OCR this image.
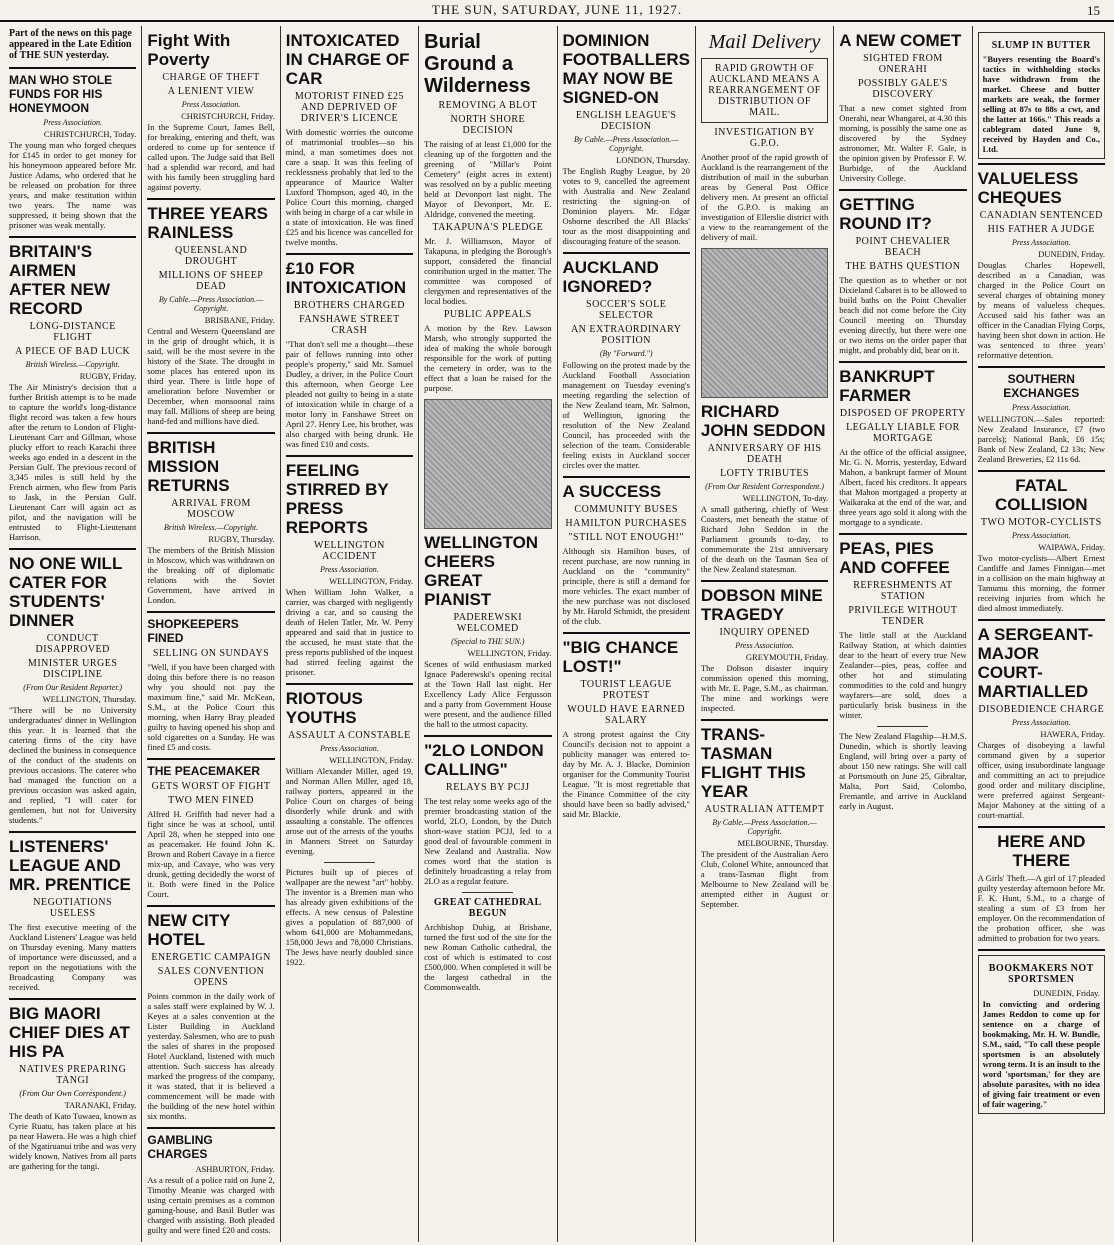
THE SUN, SATURDAY, JUNE 11, 1927.	15
Part of the news on this page appeared in the Late Edition of THE SUN yesterday.
MAN WHO STOLE FUNDS FOR HIS HONEYMOON
Press Association.
CHRISTCHURCH, Today.
The young man who forged cheques for £145 in order to get money for his honeymoon appeared before Mr. Justice Adams, who ordered that he be released on probation for three years, and make restitution within two years. The name was suppressed, it being shown that the prisoner was weak mentally.
BRITAIN'S AIRMEN AFTER NEW RECORD
LONG-DISTANCE FLIGHT
A PIECE OF BAD LUCK
British Wireless.—Copyright.
RUGBY, Friday.
The Air Ministry's decision that a further British attempt is to be made to capture the world's long-distance flight record was taken a few hours after the return to London of Flight-Lieutenant Carr and Gillman, whose plucky effort to reach Karachi three weeks ago ended in a descent in the Persian Gulf. The previous record of 3,345 miles is still held by the French airmen, who flew from Paris to Jask, in the Persian Gulf. Lieutenant Carr will again act as pilot, and the navigation will be entrusted to Flight-Lieutenant Harrison.
NO ONE WILL CATER FOR STUDENTS' DINNER
CONDUCT DISAPPROVED
MINISTER URGES DISCIPLINE
(From Our Resident Reporter.)
WELLINGTON, Thursday.
"There will be no University undergraduates' dinner in Wellington this year. It is learned that the catering firms of the city have declined the business in consequence of the conduct of the students on previous occasions. The caterer who had managed the function on a previous occasion was asked again, and replied, "I will cater for gentlemen, but not for University students."
LISTENERS' LEAGUE AND MR. PRENTICE
NEGOTIATIONS USELESS
The first executive meeting of the Auckland Listeners' League was held on Thursday evening. Many matters of importance were discussed, and a report on the negotiations with the Broadcasting Company was received.
BIG MAORI CHIEF DIES AT HIS PA
NATIVES PREPARING TANGI
(From Our Own Correspondent.)
TARANAKI, Friday.
The death of Kato Tuwaea, known as Cyrie Ruatu, has taken place at his pa near Hawera. He was a high chief of the Ngatiruanui tribe and was very widely known. Natives from all parts are gathering for the tangi.
Fight With Poverty
CHARGE OF THEFT
A LENIENT VIEW
Press Association.
CHRISTCHURCH, Friday.
In the Supreme Court, James Bell, for breaking, entering and theft, was ordered to come up for sentence if called upon. The Judge said that Bell had a splendid war record, and had with his family been struggling hard against poverty.
THREE YEARS RAINLESS
QUEENSLAND DROUGHT
MILLIONS OF SHEEP DEAD
By Cable.—Press Association.—Copyright.
BRISBANE, Friday.
Central and Western Queensland are in the grip of drought which, it is said, will be the most severe in the history of the State. The drought in some places has entered upon its third year. There is little hope of amelioration before November or December, when monsoonal rains may fall. Millions of sheep are being hand-fed and millions have died.
BRITISH MISSION RETURNS
ARRIVAL FROM MOSCOW
British Wireless.—Copyright.
RUGBY, Thursday.
The members of the British Mission in Moscow, which was withdrawn on the breaking off of diplomatic relations with the Soviet Government, have arrived in London.
SHOPKEEPERS FINED
SELLING ON SUNDAYS
"Well, if you have been charged with doing this before there is no reason why you should not pay the maximum fine," said Mr. McKean, S.M., at the Police Court this morning, when Harry Bray pleaded guilty to having opened his shop and sold cigarettes on a Sunday. He was fined £5 and costs.
THE PEACEMAKER
GETS WORST OF FIGHT
TWO MEN FINED
Alfred H. Griffith had never had a fight since he was at school, until April 28, when he stepped into one as peacemaker. He found John K. Brown and Robert Cavaye in a fierce mix-up, and Cavaye, who was very drunk, getting decidedly the worst of it. Both were fined in the Police Court.
NEW CITY HOTEL
ENERGETIC CAMPAIGN
SALES CONVENTION OPENS
Points common in the daily work of a sales staff were explained by W. J. Keyes at a sales convention at the Lister Building in Auckland yesterday. Salesmen, who are to push the sales of shares in the proposed Hotel Auckland, listened with much attention. Such success has already marked the progress of the company, it was stated, that it is believed a commencement will be made with the building of the new hotel within six months.
GAMBLING CHARGES
ASHBURTON, Friday.
As a result of a police raid on June 2, Timothy Meanie was charged with using certain premises as a common gaming-house, and Basil Butler was charged with assisting. Both pleaded guilty and were fined £20 and costs.
INTOXICATED IN CHARGE OF CAR
MOTORIST FINED £25 AND DEPRIVED OF DRIVER'S LICENCE
With domestic worries the outcome of matrimonial troubles—so his mind, a man sometimes does not care a snap. It was this feeling of recklessness probably that led to the appearance of Maurice Walter Luxford Thompson, aged 40, in the Police Court this morning, charged with being in charge of a car while in a state of intoxication. He was fined £25 and his licence was cancelled for twelve months.
£10 FOR INTOXICATION
BROTHERS CHARGED
FANSHAWE STREET CRASH
"That don't sell me a thought—these pair of fellows running into other people's property," said Mr. Samuel Dudley, a driver, in the Police Court this afternoon, when George Lee pleaded not guilty to being in a state of intoxication while in charge of a motor lorry in Fanshawe Street on April 27. Henry Lee, his brother, was also charged with being drunk. He was fined £10 and costs.
FEELING STIRRED BY PRESS REPORTS
WELLINGTON ACCIDENT
Press Association.
WELLINGTON, Friday.
When William John Walker, a carrier, was charged with negligently driving a car, and so causing the death of Helen Tatler, Mr. W. Perry appeared and said that in justice to the accused, he must state that the press reports published of the inquest had stirred feeling against the prisoner.
RIOTOUS YOUTHS
ASSAULT A CONSTABLE
Press Association.
WELLINGTON, Friday.
William Alexander Miller, aged 19, and Norman Allen Miller, aged 18, railway porters, appeared in the Police Court on charges of being disorderly while drunk and with assaulting a constable. The offences arose out of the arrests of the youths in Manners Street on Saturday evening.
Pictures built up of pieces of wallpaper are the newest "art" hobby. The inventor is a Bremen man who has already given exhibitions of the effects. A new census of Palestine gives a population of 887,000 of whom 641,000 are Mohammedans, 158,000 Jews and 78,000 Christians. The Jews have nearly doubled since 1922.
Burial Ground a Wilderness
REMOVING A BLOT
NORTH SHORE DECISION
The raising of at least £1,000 for the cleaning up of the forgotten and the greening of "Millar's Point Cemetery" (eight acres in extent) was resolved on by a public meeting held at Devonport last night. The Mayor of Devonport, Mr. E. Aldridge, convened the meeting.
TAKAPUNA'S PLEDGE
Mr. J. Williamson, Mayor of Takapuna, in pledging the Borough's support, considered the financial contribution urged in the matter. The committee was composed of clergymen and representatives of the local bodies.
PUBLIC APPEALS
A motion by the Rev. Lawson Marsh, who strongly supported the idea of making the whole borough responsible for the work of putting the cemetery in order, was to the effect that a loan be raised for the purpose.
WELLINGTON CHEERS GREAT PIANIST
PADEREWSKI WELCOMED
(Special to THE SUN.)
WELLINGTON, Friday.
Scenes of wild enthusiasm marked Ignace Paderewski's opening recital at the Town Hall last night. Her Excellency Lady Alice Fergusson and a party from Government House were present, and the audience filled the hall to the utmost capacity.
"2LO LONDON CALLING"
RELAYS BY PCJJ
The test relay some weeks ago of the premier broadcasting station of the world, 2LO, London, by the Dutch short-wave station PCJJ, led to a good deal of favourable comment in New Zealand and Australia. Now comes word that the station is definitely broadcasting a relay from 2LO as a regular feature.
GREAT CATHEDRAL BEGUN
Archbishop Duhig, at Brisbane, turned the first sod of the site for the new Roman Catholic cathedral, the cost of which is estimated to cost £500,000. When completed it will be the largest cathedral in the Commonwealth.
DOMINION FOOTBALLERS MAY NOW BE SIGNED-ON
ENGLISH LEAGUE'S DECISION
By Cable.—Press Association.—Copyright.
LONDON, Thursday.
The English Rugby League, by 20 votes to 9, cancelled the agreement with Australia and New Zealand restricting the signing-on of Dominion players. Mr. Edgar Osborne described the All Blacks' tour as the most disappointing and discouraging feature of the season.
AUCKLAND IGNORED?
SOCCER'S SOLE SELECTOR
AN EXTRAORDINARY POSITION
(By "Forward.")
Following on the protest made by the Auckland Football Association management on Tuesday evening's meeting regarding the selection of the New Zealand team, Mr. Salmon, of Wellington, ignoring the resolution of the New Zealand Council, has proceeded with the selection of the team. Considerable feeling exists in Auckland soccer circles over the matter.
A SUCCESS
COMMUNITY BUSES
HAMILTON PURCHASES
"STILL NOT ENOUGH!"
Although six Hamilton buses, of recent purchase, are now running in Auckland on the "community" principle, there is still a demand for more vehicles. The exact number of the new purchase was not disclosed by Mr. Harold Schmidt, the president of the club.
"BIG CHANCE LOST!"
TOURIST LEAGUE PROTEST
WOULD HAVE EARNED SALARY
A strong protest against the City Council's decision not to appoint a publicity manager was entered to-day by Mr. A. J. Blacke, Dominion organiser for the Community Tourist League. "It is most regrettable that the Finance Committee of the city should have been so badly advised," said Mr. Blackie.
Mail Delivery
RAPID GROWTH OF AUCKLAND MEANS A REARRANGEMENT OF DISTRIBUTION OF MAIL.
INVESTIGATION BY G.P.O.
Another proof of the rapid growth of Auckland is the rearrangement of the distribution of mail in the suburban areas by General Post Office delivery men. At present an official of the G.P.O. is making an investigation of Ellerslie district with a view to the rearrangement of the delivery of mail.
RICHARD JOHN SEDDON
ANNIVERSARY OF HIS DEATH
LOFTY TRIBUTES
(From Our Resident Correspondent.)
WELLINGTON, To-day.
A small gathering, chiefly of West Coasters, met beneath the statue of Richard John Seddon in the Parliament grounds to-day, to commemorate the 21st anniversary of the death on the Tasman Sea of the New Zealand statesman.
DOBSON MINE TRAGEDY
INQUIRY OPENED
Press Association.
GREYMOUTH, Friday.
The Dobson disaster inquiry commission opened this morning, with Mr. E. Page, S.M., as chairman. The mine and workings were inspected.
TRANS-TASMAN FLIGHT THIS YEAR
AUSTRALIAN ATTEMPT
By Cable.—Press Association.—Copyright.
MELBOURNE, Thursday.
The president of the Australian Aero Club, Colonel White, announced that a trans-Tasman flight from Melbourne to New Zealand will be attempted either in August or September.
A NEW COMET
SIGHTED FROM ONERAHI
POSSIBLY GALE'S DISCOVERY
That a new comet sighted from Onerahi, near Whangarei, at 4.30 this morning, is possibly the same one as discovered by the Sydney astronomer, Mr. Walter F. Gale, is the opinion given by Professor F. W. Burbidge, of the Auckland University College.
GETTING ROUND IT?
POINT CHEVALIER BEACH
THE BATHS QUESTION
The question as to whether or not Dixieland Cabaret is to be allowed to build baths on the Point Chevalier beach did not come before the City Council meeting on Thursday evening directly, but there were one or two items on the order paper that might, and probably did, bear on it.
BANKRUPT FARMER
DISPOSED OF PROPERTY
LEGALLY LIABLE FOR MORTGAGE
At the office of the official assignee, Mr. G. N. Morris, yesterday, Edward Mahon, a bankrupt farmer of Mount Albert, faced his creditors. It appears that Mahon mortgaged a property at Waikaraka at the end of the war, and three years ago sold it along with the mortgage to a syndicate.
PEAS, PIES AND COFFEE
REFRESHMENTS AT STATION
PRIVILEGE WITHOUT TENDER
The little stall at the Auckland Railway Station, at which dainties dear to the heart of every true New Zealander—pies, peas, coffee and other hot and stimulating commodities to the cold and hungry wayfarers—are sold, does a particularly brisk business in the winter.
The New Zealand Flagship—H.M.S. Dunedin, which is shortly leaving England, will bring over a party of about 150 new ratings. She will call at Portsmouth on June 25, Gibraltar, Malta, Port Said, Colombo, Fremantle, and arrive in Auckland early in August.
SLUMP IN BUTTER
"Buyers resenting the Board's tactics in withholding stocks have withdrawn from the market. Cheese and butter markets are weak, the former selling at 87s to 88s a cwt, and the latter at 166s." This reads a cablegram dated June 9, received by Hayden and Co., Ltd.
VALUELESS CHEQUES
CANADIAN SENTENCED
HIS FATHER A JUDGE
Press Association.
DUNEDIN, Friday.
Douglas Charles Hopewell, described as a Canadian, was charged in the Police Court on several charges of obtaining money by means of valueless cheques. Accused said his father was an officer in the Canadian Flying Corps, having been shot down in action. He was sentenced to three years' reformative detention.
SOUTHERN EXCHANGES
Press Association.
WELLINGTON.—Sales reported: New Zealand Insurance, £7 (two parcels); National Bank, £6 15s; Bank of New Zealand, £2 13s; New Zealand Breweries, £2 11s 6d.
FATAL COLLISION
TWO MOTOR-CYCLISTS
Press Association.
WAIPAWA, Friday.
Two motor-cyclists—Albert Ernest Cantliffe and James Finnigan—met in a collision on the main highway at Tamumu this morning, the former receiving injuries from which he died almost immediately.
A SERGEANT-MAJOR COURT-MARTIALLED
DISOBEDIENCE CHARGE
Press Association.
HAWERA, Friday.
Charges of disobeying a lawful command given by a superior officer, using insubordinate language and committing an act to prejudice good order and military discipline, were preferred against Sergeant-Major Mahoney at the sitting of a court-martial.
HERE AND THERE
A Girls' Theft.—A girl of 17 pleaded guilty yesterday afternoon before Mr. F. K. Hunt, S.M., to a charge of stealing a sum of £3 from her employer. On the recommendation of the probation officer, she was admitted to probation for two years.
BOOKMAKERS NOT SPORTSMEN
DUNEDIN, Friday.
In convicting and ordering James Reddon to come up for sentence on a charge of bookmaking, Mr. H. W. Bundle, S.M., said, "To call these people sportsmen is an absolutely wrong term. It is an insult to the word 'sportsman,' for they are absolute parasites, with no idea of giving fair treatment or even of fair wagering."
